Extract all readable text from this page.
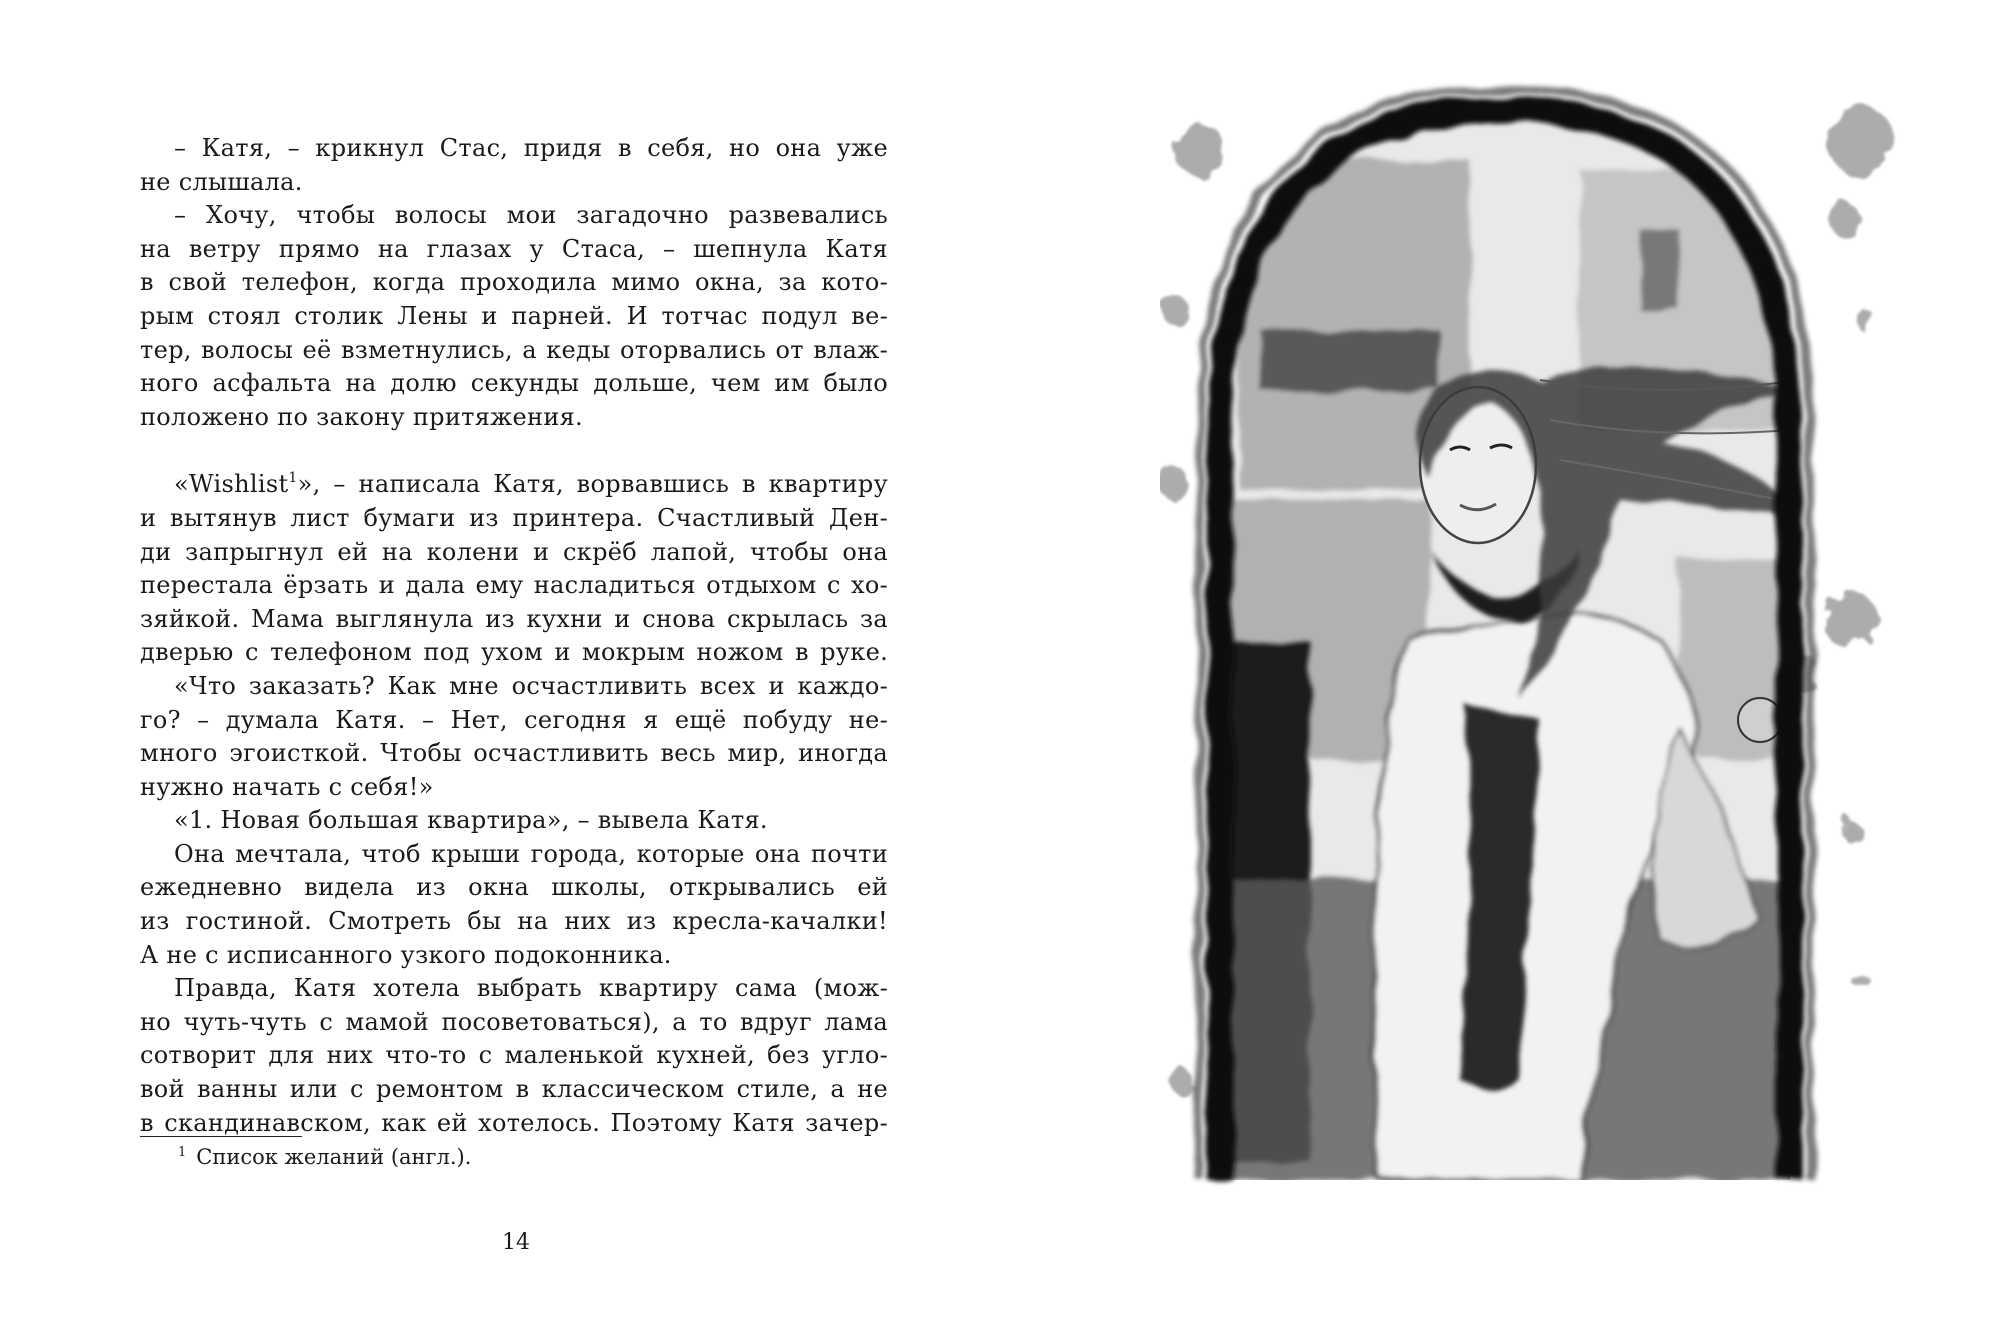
– Катя, – крикнул Стас, придя в себя, но она уже
не слышала.
– Хочу, чтобы волосы мои загадочно развевались
на ветру прямо на глазах у Стаса, – шепнула Катя
в свой телефон, когда проходила мимо окна, за кото-
рым стоял столик Лены и парней. И тотчас подул ве-
тер, волосы её взметнулись, а кеды оторвались от влаж-
ного асфальта на долю секунды дольше, чем им было
положено по закону притяжения.
«Wishlist$^1$», – написала Катя, ворвавшись в квартиру
и вытянув лист бумаги из принтера. Счастливый Ден-
ди запрыгнул ей на колени и скрёб лапой, чтобы она
перестала ёрзать и дала ему насладиться отдыхом с хо-
зяйкой. Мама выглянула из кухни и снова скрылась за
дверью с телефоном под ухом и мокрым ножом в руке.
«Что заказать? Как мне осчастливить всех и каждо-
го? – думала Катя. – Нет, сегодня я ещё побуду не-
много эгоисткой. Чтобы осчастливить весь мир, иногда
нужно начать с себя!»
«1. Новая большая квартира», – вывела Катя.
Она мечтала, чтоб крыши города, которые она почти
ежедневно видела из окна школы, открывались ей
из гостиной. Смотреть бы на них из кресла-качалки!
А не с исписанного узкого подоконника.
Правда, Катя хотела выбрать квартиру сама (мож-
но чуть-чуть с мамой посоветоваться), а то вдруг лама
сотворит для них что-то с маленькой кухней, без угло-
вой ванны или с ремонтом в классическом стиле, а не
в скандинавском, как ей хотелось. Поэтому Катя зачер-
$^1$ Список желаний (англ.).
14
